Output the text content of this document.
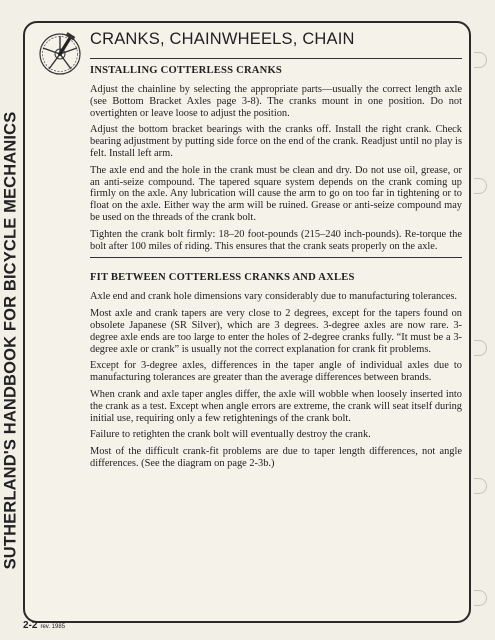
SUTHERLAND'S HANDBOOK FOR BICYCLE MECHANICS
CRANKS, CHAINWHEELS, CHAIN
INSTALLING COTTERLESS CRANKS

Adjust the chainline by selecting the appropriate parts—usually the correct length axle (see Bottom Bracket Axles page 3-8). The cranks mount in one position. Do not overtighten or leave loose to adjust the position.

Adjust the bottom bracket bearings with the cranks off. Install the right crank. Check bearing adjustment by putting side force on the end of the crank. Readjust until no play is felt. Install left arm.

The axle end and the hole in the crank must be clean and dry. Do not use oil, grease, or an anti-seize compound. The tapered square system depends on the crank coming up firmly on the axle. Any lubrication will cause the arm to go on too far in tightening or to float on the axle. Either way the arm will be ruined. Grease or anti-seize compound may be used on the threads of the crank bolt.

Tighten the crank bolt firmly: 18–20 foot-pounds (215–240 inch-pounds). Re-torque the bolt after 100 miles of riding. This ensures that the crank seats properly on the axle.

FIT BETWEEN COTTERLESS CRANKS AND AXLES

Axle end and crank hole dimensions vary considerably due to manufacturing tolerances.

Most axle and crank tapers are very close to 2 degrees, except for the tapers found on obsolete Japanese (SR Silver), which are 3 degrees. 3-degree axles are now rare. 3-degree axle ends are too large to enter the holes of 2-degree cranks fully. “It must be a 3-degree axle or crank” is usually not the correct explanation for crank fit problems.

Except for 3-degree axles, differences in the taper angle of individual axles due to manufacturing tolerances are greater than the average differences between brands.

When crank and axle taper angles differ, the axle will wobble when loosely inserted into the crank as a test. Except when angle errors are extreme, the crank will seat itself during initial use, requiring only a few retightenings of the crank bolt.

Failure to retighten the crank bolt will eventually destroy the crank.

Most of the difficult crank-fit problems are due to taper length differences, not angle differences. (See the diagram on page 2-3b.)

2-2 rev. 1985
